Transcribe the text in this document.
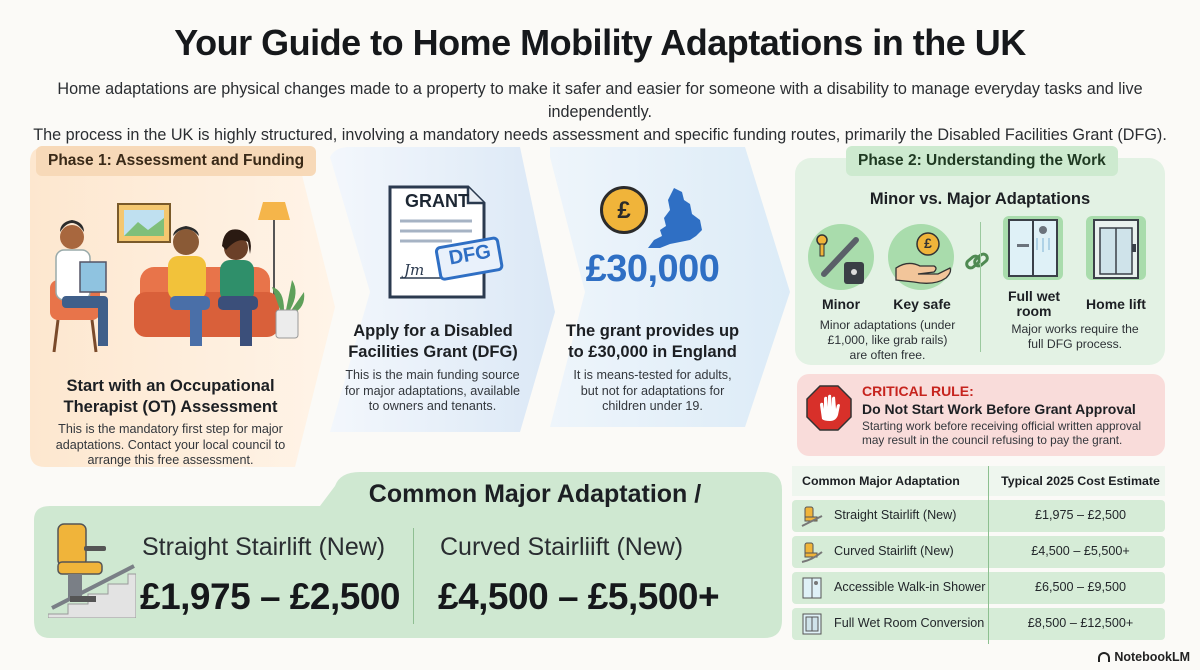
Your Guide to Home Mobility Adaptations in the UK
Home adaptations are physical changes made to a property to make it safer and easier for someone with a disability to manage everyday tasks and live independently.
The process in the UK is highly structured, involving a mandatory needs assessment and specific funding routes, primarily the Disabled Facilities Grant (DFG).
Phase 1: Assessment and Funding
Start with an Occupational
Therapist (OT) Assessment
This is the mandatory first step for major
adaptations. Contact your local council to
arrange this free assessment.
GRANT
DFG
Jm
Apply for a Disabled
Facilities Grant (DFG)
This is the main funding source
for major adaptations, available
to owners and tenants.
£
£30,000
The grant provides up
to £30,000 in England
It is means-tested for adults,
but not for adaptations for
children under 19.
Phase 2: Understanding the Work
Minor vs. Major Adaptations
£
Minor	Key safe	Full wet
room	Home lift
Minor adaptations (under
£1,000, like grab rails)
are often free.
Major works require the
full DFG process.
CRITICAL RULE:
Do Not Start Work Before Grant Approval
Starting work before receiving official written approval
may result in the council refusing to pay the grant.
Common Major Adaptation /
Straight Stairlift (New)
£1,975 – £2,500
Curved Stairliift (New)
£4,500 – £5,500+
Common Major Adaptation	Typical 2025 Cost Estimate
Straight Stairlift (New)	£1,975 – £2,500
Curved Stairlift (New)	£4,500 – £5,500+
Accessible Walk-in Shower	£6,500 – £9,500
Full Wet Room Conversion	£8,500 – £12,500+
NotebookLM
